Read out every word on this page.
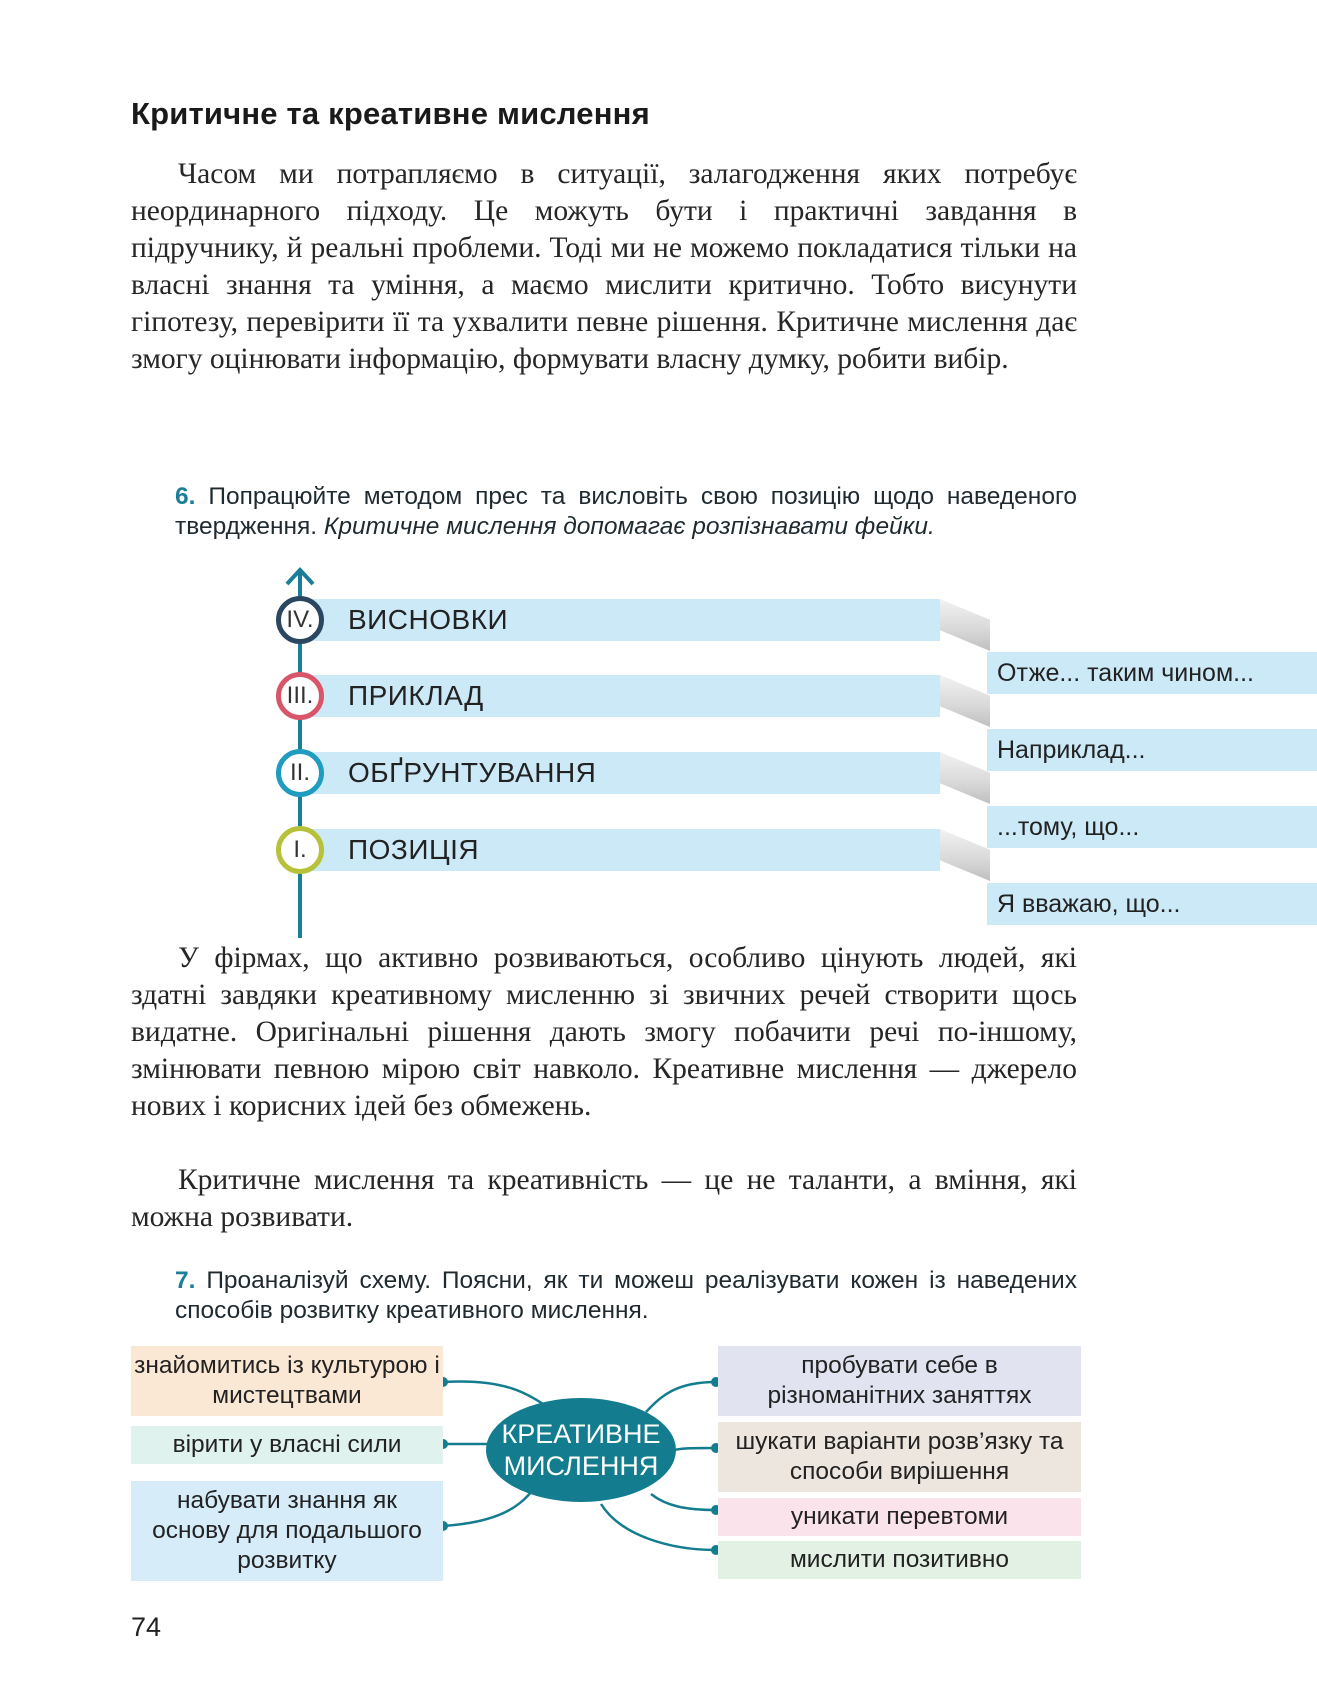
Критичне та креативне мислення

Часом ми потрапляємо в ситуації, залагодження яких потребує неординарного підходу. Це можуть бути і практичні завдання в підручнику, й реальні проблеми. Тоді ми не можемо покладатися тільки на власні знання та уміння, а маємо мислити критично. Тобто висунути гіпотезу, перевірити її та ухвалити певне рішення. Критичне мислення дає змогу оцінювати інформацію, формувати власну думку, робити вибір.

6. Попрацюйте методом прес та висловіть свою позицію щодо наведеного твердження. Критичне мислення допомагає розпізнавати фейки.

ВИСНОВКИ
IV.
ПРИКЛАД
III.
ОБҐРУНТУВАННЯ
II.
ПОЗИЦІЯ
I.
Отже... таким чином...
Наприклад...
...тому, що...
Я вважаю, що...

У фірмах, що активно розвиваються, особливо цінують людей, які здатні завдяки креативному мисленню зі звичних речей створити щось видатне. Оригінальні рішення дають змогу побачити речі по-іншому, змінювати певною мірою світ навколо. Креативне мислення — джерело нових і корисних ідей без обмежень.

Критичне мислення та креативність — це не таланти, а вміння, які можна розвивати.

7. Проаналізуй схему. Поясни, як ти можеш реалізувати кожен із наведених способів розвитку креативного мислення.

знайомитись із культурою і мистецтвами
вірити у власні сили
набувати знання як основу для подальшого розвитку
КРЕАТИВНЕ МИСЛЕННЯ
пробувати себе в різноманітних заняттях
шукати варіанти розв’язку та способи вирішення
уникати перевтоми
мислити позитивно
74
